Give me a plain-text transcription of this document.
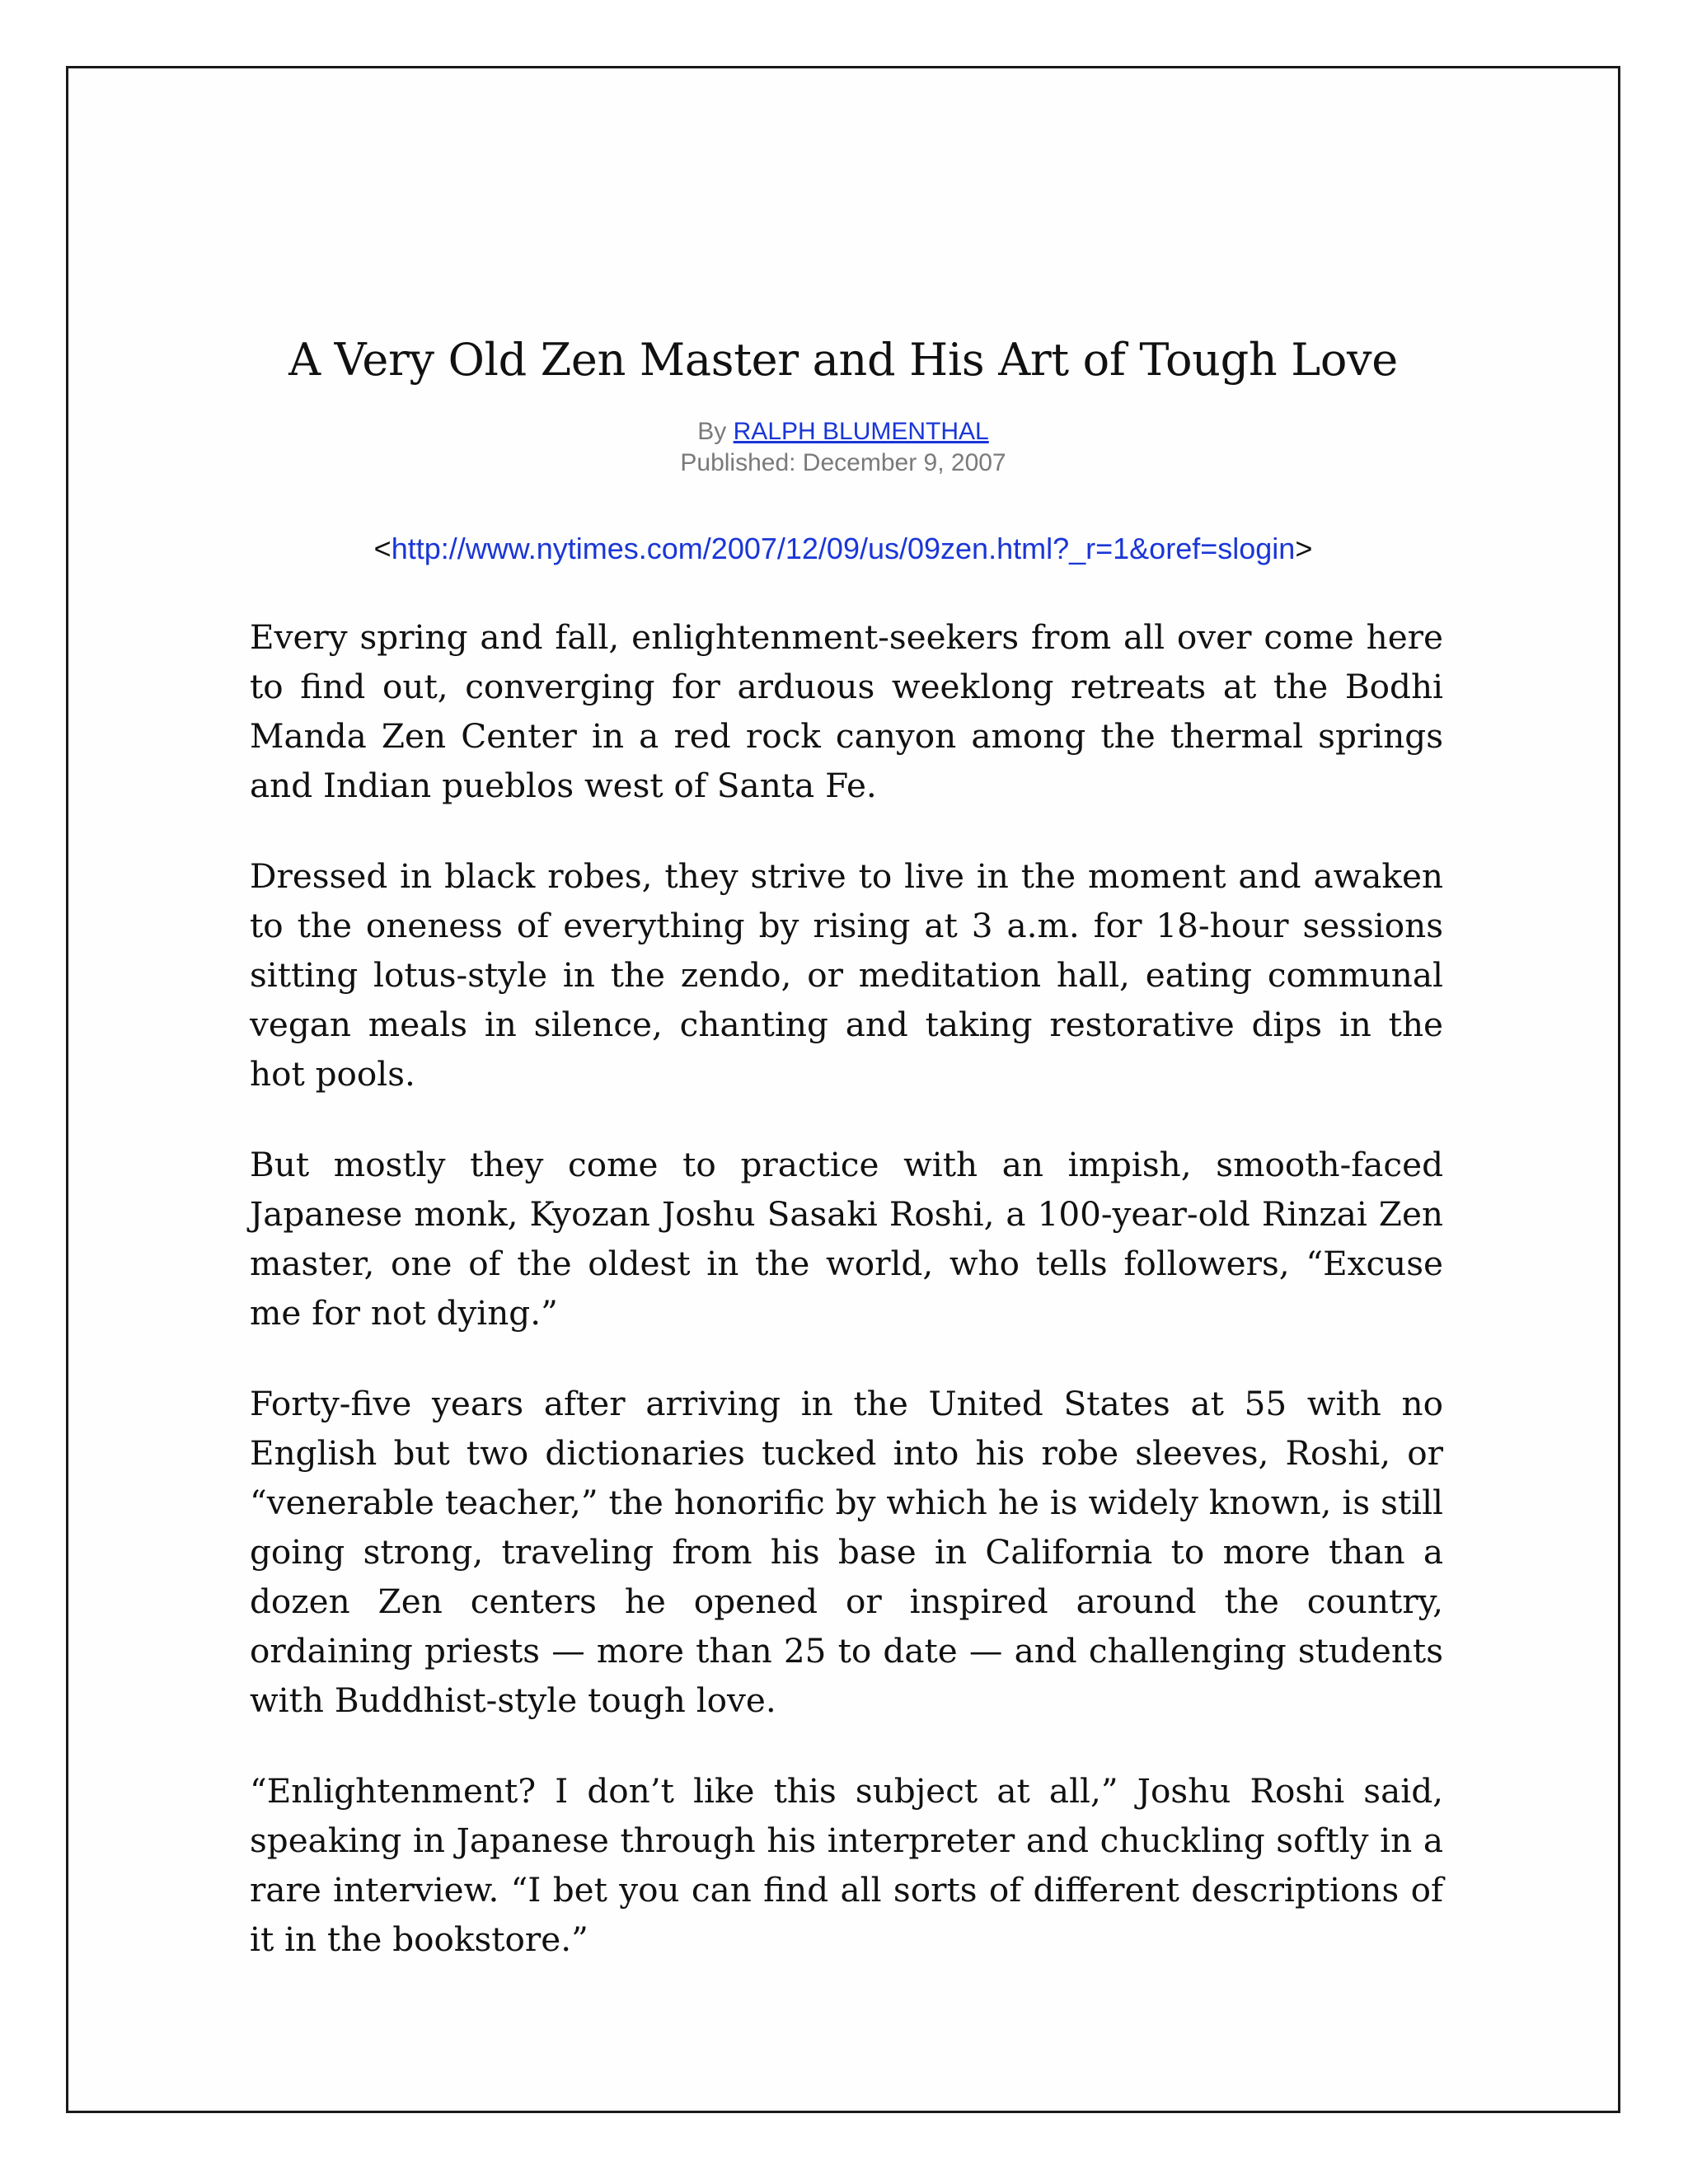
A Very Old Zen Master and His Art of Tough Love
By RALPH BLUMENTHAL
Published: December 9, 2007
<http://www.nytimes.com/2007/12/09/us/09zen.html?_r=1&oref=slogin>

Every spring and fall, enlightenment-seekers from all over come here to find out, converging for arduous weeklong retreats at the Bodhi Manda Zen Center in a red rock canyon among the thermal springs and Indian pueblos west of Santa Fe.

Dressed in black robes, they strive to live in the moment and awaken to the oneness of everything by rising at 3 a.m. for 18-hour sessions sitting lotus-style in the zendo, or meditation hall, eating communal vegan meals in silence, chanting and taking restorative dips in the hot pools.

But mostly they come to practice with an impish, smooth-faced Japanese monk, Kyozan Joshu Sasaki Roshi, a 100-year-old Rinzai Zen master, one of the oldest in the world, who tells followers, “Excuse me for not dying.”

Forty-five years after arriving in the United States at 55 with no English but two dictionaries tucked into his robe sleeves, Roshi, or “venerable teacher,” the honorific by which he is widely known, is still going strong, traveling from his base in California to more than a dozen Zen centers he opened or inspired around the country, ordaining priests — more than 25 to date — and challenging students with Buddhist-style tough love.

“Enlightenment? I don’t like this subject at all,” Joshu Roshi said, speaking in Japanese through his interpreter and chuckling softly in a rare interview. “I bet you can find all sorts of different descriptions of it in the bookstore.”
